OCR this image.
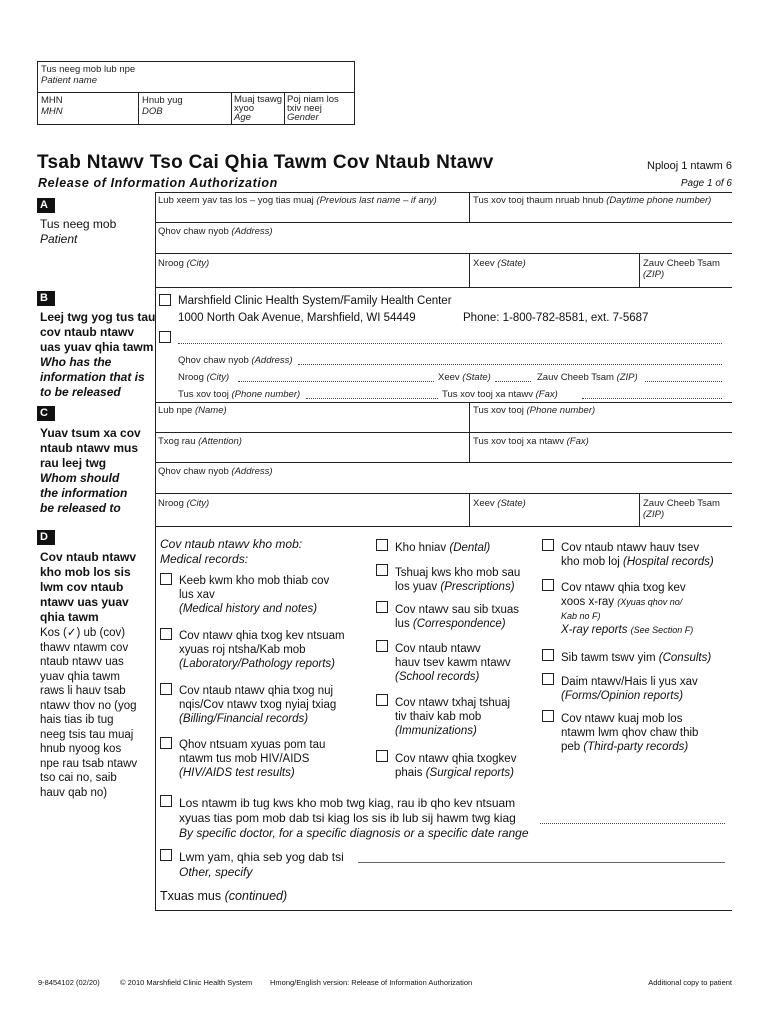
Tus neeg mob lub npe
Patient name
MHN
MHN
Hnub yug
DOB
Muaj tsawg
xyoo
Age
Poj niam los
txiv neej
Gender
Tsab Ntawv Tso Cai Qhia Tawm Cov Ntaub Ntawv
Release of Information Authorization
Nplooj 1 ntawm 6
Page 1 of 6
A
Tus neeg mob
Patient
Lub xeem yav tas los – yog tias muaj (Previous last name – if any)	Tus xov tooj thaum nruab hnub (Daytime phone number)
Qhov chaw nyob (Address)
Nroog (City)	Xeev (State)	Zauv Cheeb Tsam
(ZIP)
B
Leej twg yog tus tau
cov ntaub ntawv
uas yuav qhia tawm
Who has the
information that is
to be released
Marshfield Clinic Health System/Family Health Center
1000 North Oak Avenue, Marshfield, WI 54449	Phone: 1-800-782-8581, ext. 7-5687
Qhov chaw nyob (Address)
Nroog (City)	Xeev (State)	Zauv Cheeb Tsam (ZIP)
Tus xov tooj (Phone number)	Tus xov tooj xa ntawv (Fax)
C
Yuav tsum xa cov
ntaub ntawv mus
rau leej twg
Whom should
the information
be released to
Lub npe (Name)	Tus xov tooj (Phone number)
Txog rau (Attention)	Tus xov tooj xa ntawv (Fax)
Qhov chaw nyob (Address)
Nroog (City)	Xeev (State)	Zauv Cheeb Tsam
(ZIP)
D
Cov ntaub ntawv
kho mob los sis
lwm cov ntaub
ntawv uas yuav
qhia tawm
Kos (✓) ub (cov)
thawv ntawm cov
ntaub ntawv uas
yuav qhia tawm
raws li hauv tsab
ntawv thov no (yog
hais tias ib tug
neeg tsis tau muaj
hnub nyoog kos
npe rau tsab ntawv
tso cai no, saib
hauv qab no)
Cov ntaub ntawv kho mob:
Medical records:
Keeb kwm kho mob thiab cov
lus xav
(Medical history and notes)
Cov ntawv qhia txog kev ntsuam
xyuas roj ntsha/Kab mob
(Laboratory/Pathology reports)
Cov ntaub ntawv qhia txog nuj
nqis/Cov ntawv txog nyiaj txiag
(Billing/Financial records)
Qhov ntsuam xyuas pom tau
ntawm tus mob HIV/AIDS
(HIV/AIDS test results)
Kho hniav (Dental)
Tshuaj kws kho mob sau
los yuav (Prescriptions)
Cov ntawv sau sib txuas
lus (Correspondence)
Cov ntaub ntawv
hauv tsev kawm ntawv
(School records)
Cov ntawv txhaj tshuaj
tiv thaiv kab mob
(Immunizations)
Cov ntawv qhia txogkev
phais (Surgical reports)
Cov ntaub ntawv hauv tsev
kho mob loj (Hospital records)
Cov ntawv qhia txog kev
xoos x-ray (Xyuas qhov no/
Kab no F)
X-ray reports (See Section F)
Sib tawm tswv yim (Consults)
Daim ntawv/Hais li yus xav
(Forms/Opinion reports)
Cov ntawv kuaj mob los
ntawm lwm qhov chaw thib
peb (Third-party records)
Los ntawm ib tug kws kho mob twg kiag, rau ib qho kev ntsuam
xyuas tias pom mob dab tsi kiag los sis ib lub sij hawm twg kiag
By specific doctor, for a specific diagnosis or a specific date range
Lwm yam, qhia seb yog dab tsi
Other, specify
Txuas mus (continued)
9-8454102 (02/20)	© 2010 Marshfield Clinic Health System Hmong/English version: Release of Information Authorization	Additional copy to patient
